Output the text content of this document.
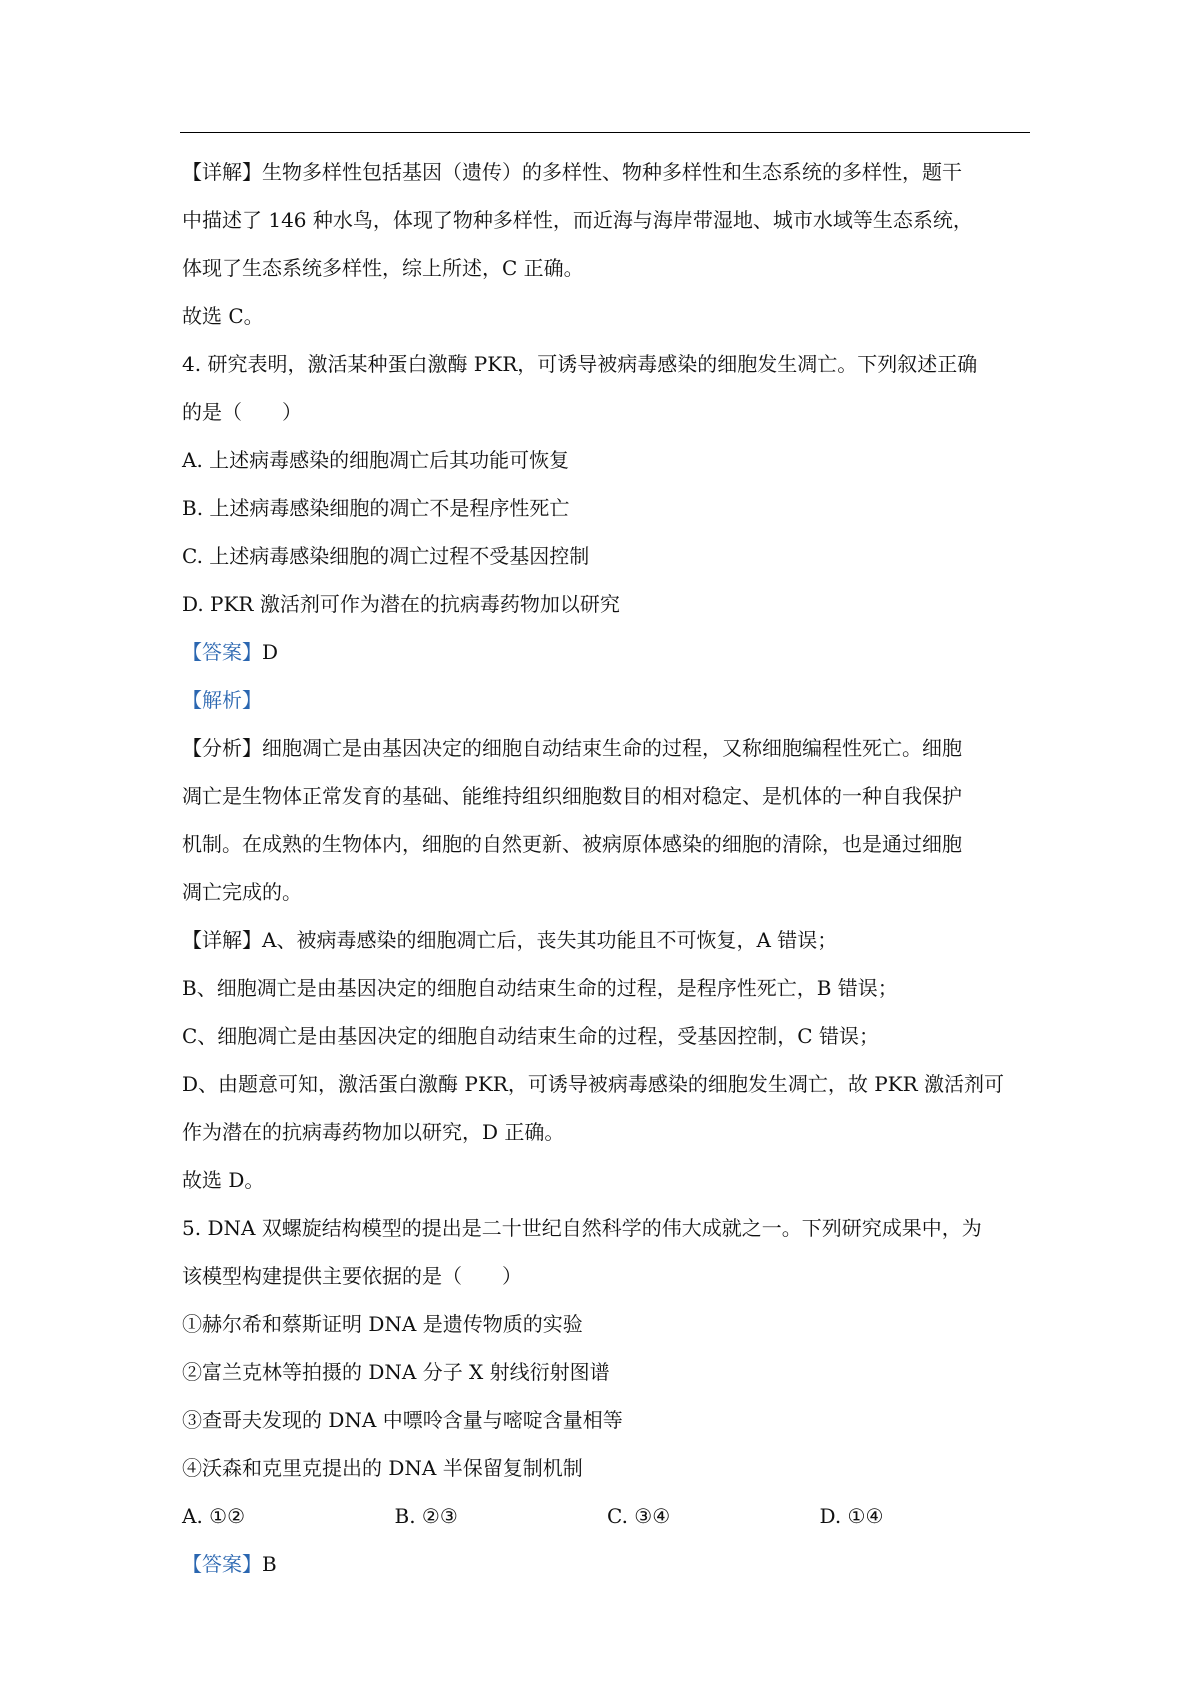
【详解】生物多样性包括基因（遗传）的多样性、物种多样性和生态系统的多样性，题干
中描述了 146 种水鸟，体现了物种多样性，而近海与海岸带湿地、城市水域等生态系统，
体现了生态系统多样性，综上所述，C 正确。
故选 C。
4. 研究表明，激活某种蛋白激酶 PKR，可诱导被病毒感染的细胞发生凋亡。下列叙述正确
的是（　　）
A. 上述病毒感染的细胞凋亡后其功能可恢复
B. 上述病毒感染细胞的凋亡不是程序性死亡
C. 上述病毒感染细胞的凋亡过程不受基因控制
D. PKR 激活剂可作为潜在的抗病毒药物加以研究
【答案】D
【解析】
【分析】细胞凋亡是由基因决定的细胞自动结束生命的过程，又称细胞编程性死亡。细胞
凋亡是生物体正常发育的基础、能维持组织细胞数目的相对稳定、是机体的一种自我保护
机制。在成熟的生物体内，细胞的自然更新、被病原体感染的细胞的清除，也是通过细胞
凋亡完成的。
【详解】A、被病毒感染的细胞凋亡后，丧失其功能且不可恢复，A 错误；
B、细胞凋亡是由基因决定的细胞自动结束生命的过程，是程序性死亡，B 错误；
C、细胞凋亡是由基因决定的细胞自动结束生命的过程，受基因控制，C 错误；
D、由题意可知，激活蛋白激酶 PKR，可诱导被病毒感染的细胞发生凋亡，故 PKR 激活剂可
作为潜在的抗病毒药物加以研究，D 正确。
故选 D。
5. DNA 双螺旋结构模型的提出是二十世纪自然科学的伟大成就之一。下列研究成果中，为
该模型构建提供主要依据的是（　　）
①赫尔希和蔡斯证明 DNA 是遗传物质的实验
②富兰克林等拍摄的 DNA 分子 X 射线衍射图谱
③查哥夫发现的 DNA 中嘌呤含量与嘧啶含量相等
④沃森和克里克提出的 DNA 半保留复制机制
A. ①②	B. ②③	C. ③④	D. ①④
【答案】B
